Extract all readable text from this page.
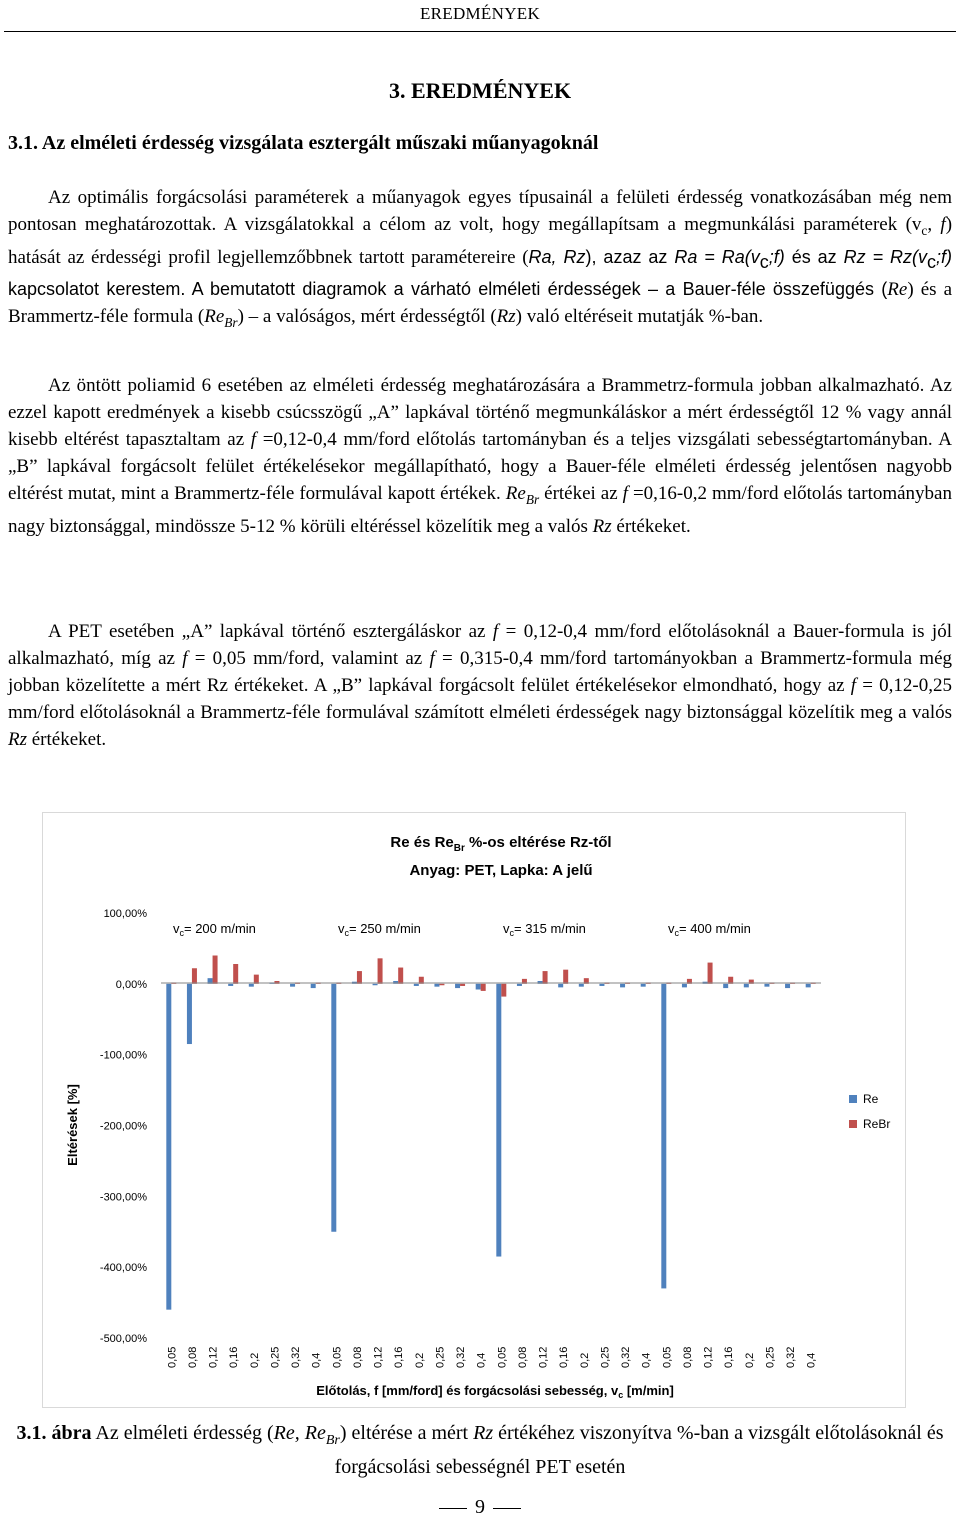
EREDMÉNYEK
3. EREDMÉNYEK
3.1. Az elméleti érdesség vizsgálata esztergált műszaki műanyagoknál

Az optimális forgácsolási paraméterek a műanyagok egyes típusainál a felületi érdesség vonatkozásában még nem pontosan meghatározottak. A vizsgálatokkal a célom az volt, hogy megállapítsam a megmunkálási paraméterek ($v_c$, f) hatását az érdességi profil legjellemzőbbnek tartott paramétereire (Ra, Rz), azaz az $Ra = Ra(v_c;f)$ és az $Rz = Rz(v_c;f)$ kapcsolatot kerestem. A bemutatott diagramok a várható elméleti érdességek – a Bauer-féle összefüggés (Re) és a Brammertz-féle formula $(Re_{Br})$ – a valóságos, mért érdességtől (Rz) való eltéréseit mutatják %-ban.

Az öntött poliamid 6 esetében az elméleti érdesség meghatározására a Brammetrz-formula jobban alkalmazható. Az ezzel kapott eredmények a kisebb csúcsszögű „A” lapkával történő megmunkáláskor a mért érdességtől 12 % vagy annál kisebb eltérést tapasztaltam az f =0,12-0,4 mm/ford előtolás tartományban és a teljes vizsgálati sebességtartományban. A „B” lapkával forgácsolt felület értékelésekor megállapítható, hogy a Bauer-féle elméleti érdesség jelentősen nagyobb eltérést mutat, mint a Brammertz-féle formulával kapott értékek. $Re_{Br}$ értékei az f =0,16-0,2 mm/ford előtolás tartományban nagy biztonsággal, mindössze 5-12 % körüli eltéréssel közelítik meg a valós Rz értékeket.

A PET esetében „A” lapkával történő esztergáláskor az f = 0,12-0,4 mm/ford előtolásoknál a Bauer-formula is jól alkalmazható, míg az f = 0,05 mm/ford, valamint az f = 0,315-0,4 mm/ford tartományokban a Brammertz-formula még jobban közelítette a mért Rz értékeket. A „B” lapkával forgácsolt felület értékelésekor elmondható, hogy az f = 0,12-0,25 mm/ford előtolásoknál a Brammertz-féle formulával számított elméleti érdességek nagy biztonsággal közelítik meg a valós Rz értékeket.

Re és $Re_{Br}$ %-os eltérése Rz-től
Anyag: PET, Lapka: A jelű
Eltérések [%]
Előtolás, f [mm/ford] és forgácsolási sebesség, $v_c$ [m/min]
100,00%
0,00%
-100,00%
-200,00%
-300,00%
-400,00%
-500,00%
$v_c= 200$ m/min	$v_c= 250$ m/min	$v_c= 315$ m/min	$v_c= 400$ m/min
0,05 0,08 0,12 0,16 0,2 0,25 0,32 0,4 0,05 0,08 0,12 0,16 0,2 0,25 0,32 0,4 0,05 0,08 0,12 0,16 0,2 0,25 0,32 0,4 0,05 0,08 0,12 0,16 0,2 0,25 0,32 0,4
Re
ReBr
3.1. ábra Az elméleti érdesség (Re, $Re_{Br}$) eltérése a mért Rz értékéhez viszonyítva %-ban a vizsgált előtolásoknál és forgácsolási sebességnél PET esetén
9
